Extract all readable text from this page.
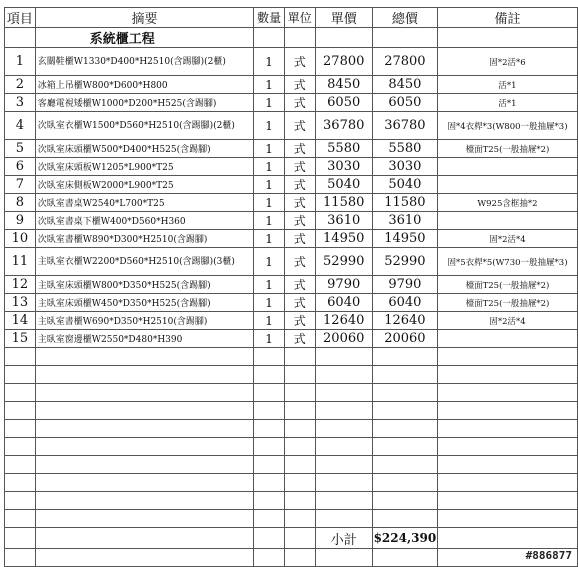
項目	摘要	數量	單位	單價	總價	備註
	系統櫃工程					
1	玄關鞋櫃W1330*D400*H2510(含踢腳)(2櫃)	1	式	27800	27800	固*2活*6
2	冰箱上吊櫃W800*D600*H800	1	式	8450	8450	活*1
3	客廳電視矮櫃W1000*D200*H525(含踢腳)	1	式	6050	6050	活*1
4	次臥室衣櫃W1500*D560*H2510(含踢腳)(2櫃)	1	式	36780	36780	固*4衣桿*3(W800一般抽屜*3)
5	次臥室床頭櫃W500*D400*H525(含踢腳)	1	式	5580	5580	檯面T25(一般抽屜*2)
6	次臥室床頭板W1205*L900*T25	1	式	3030	3030	
7	次臥室床側板W2000*L900*T25	1	式	5040	5040	
8	次臥室書桌W2540*L700*T25	1	式	11580	11580	W925含框抽*2
9	次臥室書桌下櫃W400*D560*H360	1	式	3610	3610	
10	次臥室書櫃W890*D300*H2510(含踢腳)	1	式	14950	14950	固*2活*4
11	主臥室衣櫃W2200*D560*H2510(含踢腳)(3櫃)	1	式	52990	52990	固*5衣桿*5(W730一般抽屜*3)
12	主臥室床頭櫃W800*D350*H525(含踢腳)	1	式	9790	9790	檯面T25(一般抽屜*2)
13	主臥室床頭櫃W450*D350*H525(含踢腳)	1	式	6040	6040	檯面T25(一般抽屜*2)
14	主臥室書櫃W690*D350*H2510(含踢腳)	1	式	12640	12640	固*2活*4
15	主臥室窗邊櫃W2550*D480*H390	1	式	20060	20060	

				小計	$224,390	

#886877
